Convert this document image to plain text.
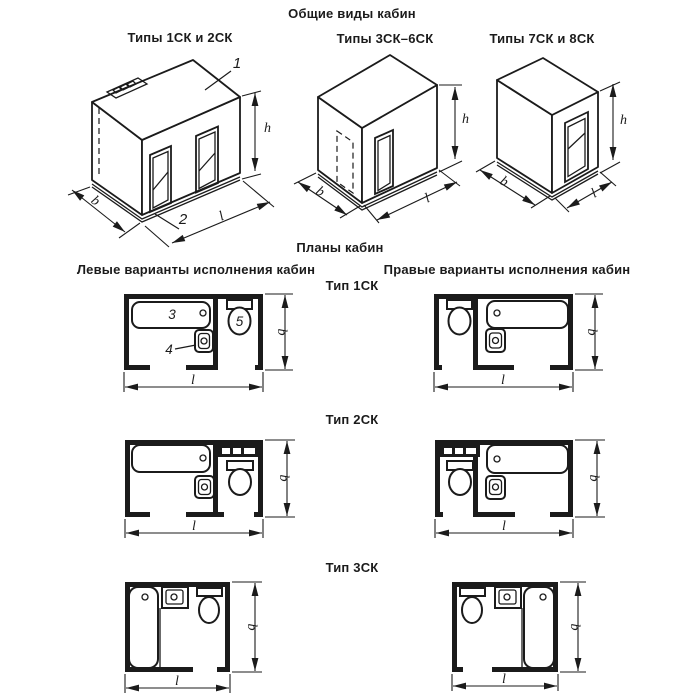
Общие виды кабин
Типы 1СК и 2СК	Типы 3СК–6СК	Типы 7СК и 8СК
Планы кабин
Левые варианты исполнения кабин	Правые варианты исполнения кабин
Тип 1СК
Тип 2СК
Тип 3СК
1
2
b
l
h
b	l
h
b
l
h
3
4
5
b
l
b
l
b
l
b
l
b
l
b
l
